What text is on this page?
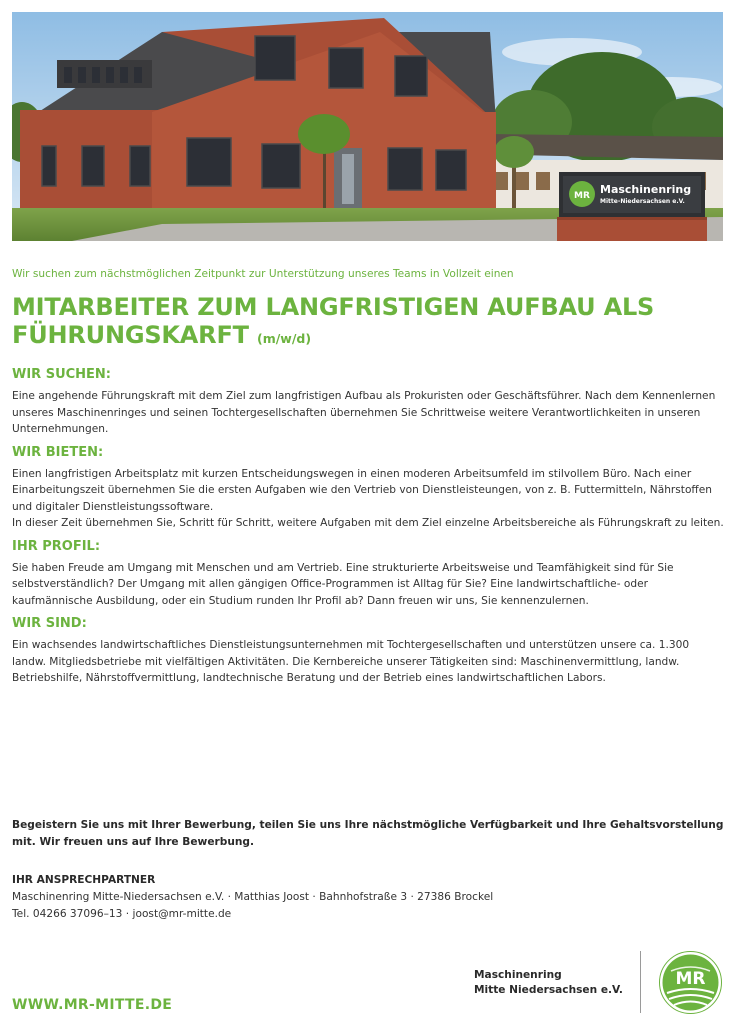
MR Maschinenring
Mitte-Niedersachsen e.V.

Wir suchen zum nächstmöglichen Zeitpunkt zur Unterstützung unseres Teams in Vollzeit einen

MITARBEITER ZUM LANGFRISTIGEN AUFBAU ALS
FÜHRUNGSKARFT (m/w/d)
WIR SUCHEN:

Eine angehende Führungskraft mit dem Ziel zum langfristigen Aufbau als Prokuristen oder Geschäftsführer. Nach dem Kennenlernen unseres Maschinenringes und seinen Tochtergesellschaften übernehmen Sie Schrittweise weitere Verantwortlichkeiten in unseren Unternehmungen.

WIR BIETEN:

Einen langfristigen Arbeitsplatz mit kurzen Entscheidungswegen in einen moderen Arbeitsumfeld im stilvollem Büro. Nach einer Einarbeitungszeit übernehmen Sie die ersten Aufgaben wie den Vertrieb von Dienstleisteungen, von z. B. Futtermitteln, Nährstoffen und digitaler Dienstleistungssoftware.

In dieser Zeit übernehmen Sie, Schritt für Schritt, weitere Aufgaben mit dem Ziel einzelne Arbeitsbereiche als Führungskraft zu leiten.

IHR PROFIL:

Sie haben Freude am Umgang mit Menschen und am Vertrieb. Eine strukturierte Arbeitsweise und Teamfähigkeit sind für Sie selbstverständlich? Der Umgang mit allen gängigen Office-Programmen ist Alltag für Sie? Eine landwirtschaftliche- oder kaufmännische Ausbildung, oder ein Studium runden Ihr Profil ab? Dann freuen wir uns, Sie kennenzulernen.

WIR SIND:

Ein wachsendes landwirtschaftliches Dienstleistungsunternehmen mit Tochtergesellschaften und unterstützen unsere ca. 1.300 landw. Mitgliedsbetriebe mit vielfältigen Aktivitäten. Die Kernbereiche unserer Tätigkeiten sind: Maschinenvermittlung, landw. Betriebshilfe, Nährstoffvermittlung, landtechnische Beratung und der Betrieb eines landwirtschaftlichen Labors.

Begeistern Sie uns mit Ihrer Bewerbung, teilen Sie uns Ihre nächstmögliche Verfügbarkeit und Ihre Gehaltsvorstellung mit. Wir freuen uns auf Ihre Bewerbung.

IHR ANSPRECHPARTNER

Maschinenring Mitte-Niedersachsen e.V. · Matthias Joost · Bahnhofstraße 3 · 27386 Brockel

Tel. 04266 37096–13 · joost@mr-mitte.de

WWW.MR-MITTE.DE
Maschinenring
Mitte Niedersachsen e.V.
MR
